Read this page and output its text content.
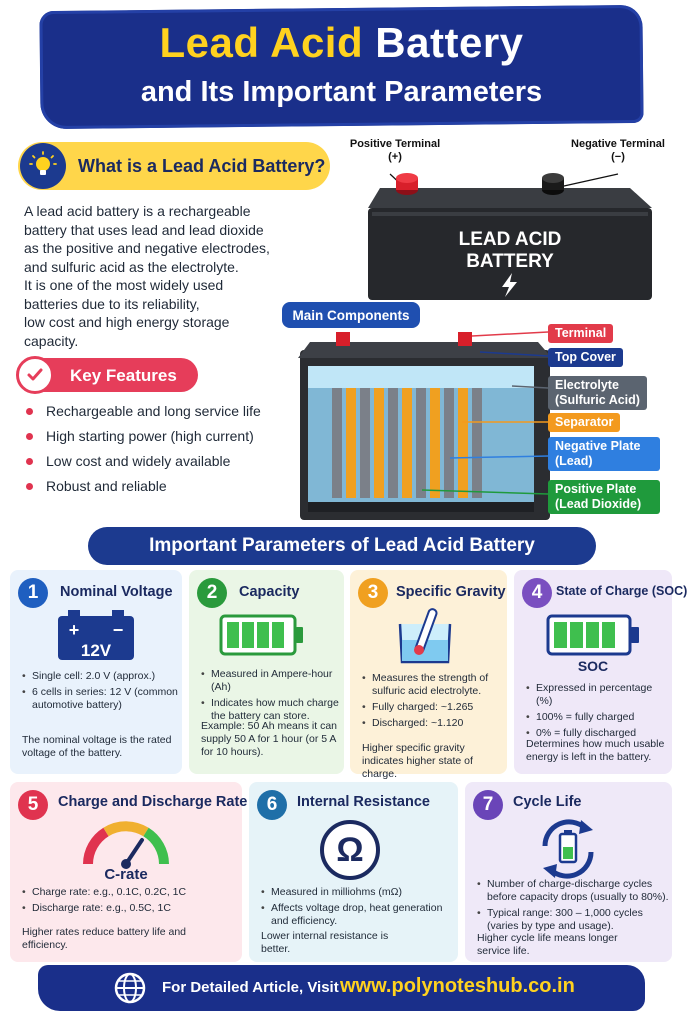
Lead Acid Battery
and Its Important Parameters
What is a Lead Acid Battery?

A lead acid battery is a rechargeable

battery that uses lead and lead dioxide

as the positive and negative electrodes,

and sulfuric acid as the electrolyte.

It is one of the most widely used

batteries due to its reliability,

low cost and high energy storage

capacity.

Positive Terminal
(+)
Negative Terminal
(−)
LEAD ACID
BATTERY
Main Components
Terminal
Top Cover
Electrolyte
(Sulfuric Acid)
Separator
Negative Plate
(Lead)
Positive Plate
(Lead Dioxide)
Key Features
Rechargeable and long service life
High starting power (high current)
Low cost and widely available
Robust and reliable
Important Parameters of Lead Acid Battery
1	Nominal Voltage
+ −
12V
• Single cell: 2.0 V (approx.)
• 6 cells in series: 12 V (common automotive battery)
The nominal voltage is the rated voltage of the battery.
2	Capacity
• Measured in Ampere-hour (Ah)
• Indicates how much charge the battery can store.
Example: 50 Ah means it can supply 50 A for 1 hour (or 5 A for 10 hours).
3	Specific Gravity
• Measures the strength of sulfuric acid electrolyte.
• Fully charged: ~1.265
• Discharged: ~1.120
Higher specific gravity indicates higher state of charge.
4	State of Charge (SOC)
SOC
• Expressed in percentage (%)
• 100% = fully charged
• 0% = fully discharged
Determines how much usable energy is left in the battery.
5	Charge and Discharge Rate
C-rate
• Charge rate: e.g., 0.1C, 0.2C, 1C
• Discharge rate: e.g., 0.5C, 1C
Higher rates reduce battery life and efficiency.
6	Internal Resistance
Ω
• Measured in milliohms (mΩ)
• Affects voltage drop, heat generation and efficiency.
Lower internal resistance is better.
7	Cycle Life
• Number of charge-discharge cycles before capacity drops (usually to 80%).
• Typical range: 300 – 1,000 cycles (varies by type and usage).
Higher cycle life means longer service life.
For Detailed Article, Visit www.polynoteshub.co.in
